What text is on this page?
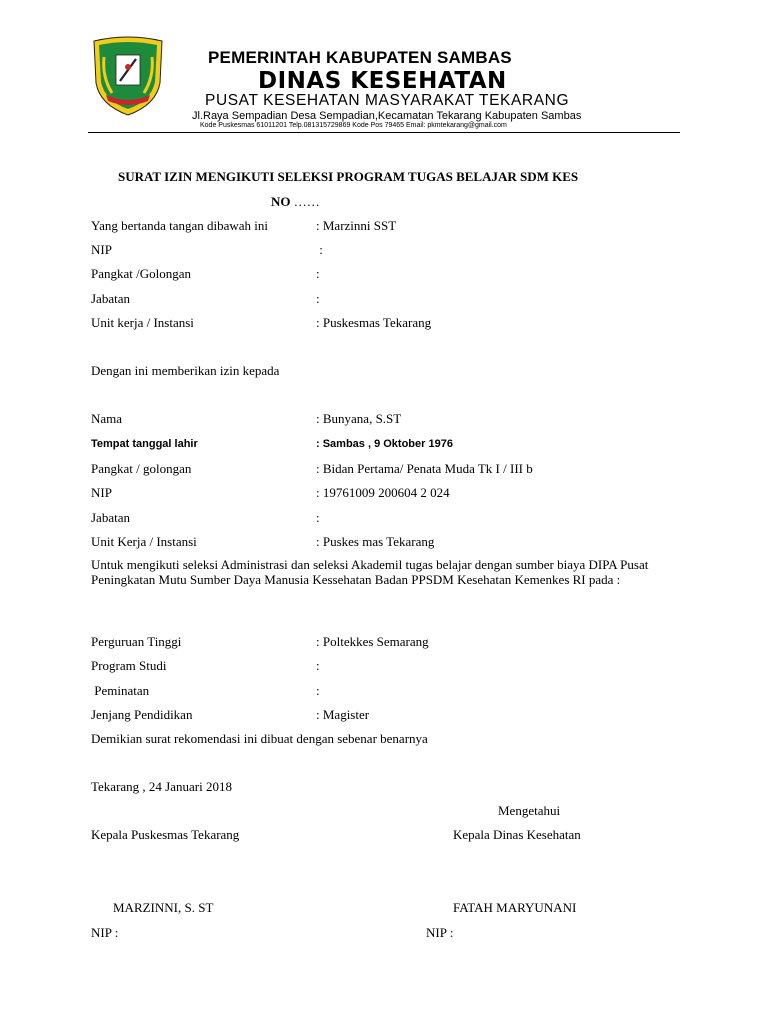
PEMERINTAH KABUPATEN SAMBAS
DINAS KESEHATAN
PUSAT KESEHATAN MASYARAKAT TEKARANG
Jl.Raya Sempadian Desa Sempadian,Kecamatan Tekarang Kabupaten Sambas
Kode Puskesmas 61011201 Telp.081315729869 Kode Pos 79465 Email: pkmtekarang@gmail.com
SURAT IZIN MENGIKUTI SELEKSI PROGRAM TUGAS BELAJAR SDM KES
NO ……
Yang bertanda tangan dibawah ini	: Marzinni SST
NIP	:
Pangkat /Golongan	:
Jabatan	:
Unit kerja / Instansi	: Puskesmas Tekarang
Dengan ini memberikan izin kepada
Nama	: Bunyana, S.ST
Tempat tanggal lahir	: Sambas , 9 Oktober 1976
Pangkat / golongan	: Bidan Pertama/ Penata Muda Tk I / III b
NIP	: 19761009 200604 2 024
Jabatan	:
Unit Kerja / Instansi	: Puskes mas Tekarang
Untuk mengikuti seleksi Administrasi dan seleksi Akademil tugas belajar dengan sumber biaya DIPA Pusat Peningkatan Mutu Sumber Daya Manusia Kessehatan Badan PPSDM Kesehatan Kemenkes RI pada :
Perguruan Tinggi	: Poltekkes Semarang
Program Studi	:
Peminatan	:
Jenjang Pendidikan	: Magister
Demikian surat rekomendasi ini dibuat dengan sebenar benarnya
Tekarang , 24 Januari 2018
Mengetahui
Kepala Puskesmas Tekarang	Kepala Dinas Kesehatan
MARZINNI, S. ST	FATAH MARYUNANI
NIP :	NIP :
